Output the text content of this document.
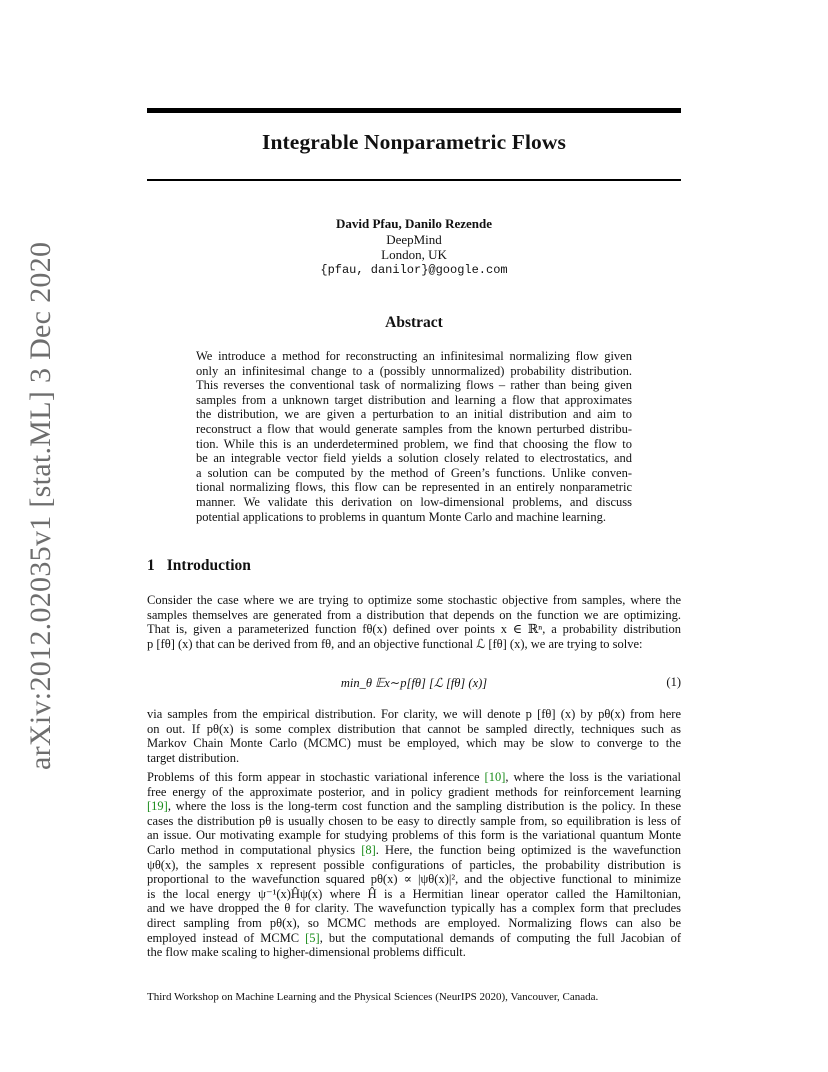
arXiv:2012.02035v1 [stat.ML] 3 Dec 2020
Integrable Nonparametric Flows
David Pfau, Danilo Rezende
DeepMind
London, UK
{pfau, danilor}@google.com
Abstract
We introduce a method for reconstructing an infinitesimal normalizing flow given
only an infinitesimal change to a (possibly unnormalized) probability distribution.
This reverses the conventional task of normalizing flows – rather than being given
samples from a unknown target distribution and learning a flow that approximates
the distribution, we are given a perturbation to an initial distribution and aim to
reconstruct a flow that would generate samples from the known perturbed distribu-
tion. While this is an underdetermined problem, we find that choosing the flow to
be an integrable vector field yields a solution closely related to electrostatics, and
a solution can be computed by the method of Green’s functions. Unlike conven-
tional normalizing flows, this flow can be represented in an entirely nonparametric
manner. We validate this derivation on low-dimensional problems, and discuss
potential applications to problems in quantum Monte Carlo and machine learning.
1 Introduction
Consider the case where we are trying to optimize some stochastic objective from samples, where the
samples themselves are generated from a distribution that depends on the function we are optimizing.
That is, given a parameterized function fθ(x) defined over points x ∈ ℝⁿ, a probability distribution
p [fθ] (x) that can be derived from fθ, and an objective functional ℒ [fθ] (x), we are trying to solve:
min_θ 𝔼x∼p[fθ] [ℒ [fθ] (x)]	(1)
via samples from the empirical distribution. For clarity, we will denote p [fθ] (x) by pθ(x) from here
on out. If pθ(x) is some complex distribution that cannot be sampled directly, techniques such as
Markov Chain Monte Carlo (MCMC) must be employed, which may be slow to converge to the
target distribution.
Problems of this form appear in stochastic variational inference [10], where the loss is the variational
free energy of the approximate posterior, and in policy gradient methods for reinforcement learning
[19], where the loss is the long-term cost function and the sampling distribution is the policy. In these
cases the distribution pθ is usually chosen to be easy to directly sample from, so equilibration is less of
an issue. Our motivating example for studying problems of this form is the variational quantum Monte
Carlo method in computational physics [8]. Here, the function being optimized is the wavefunction
ψθ(x), the samples x represent possible configurations of particles, the probability distribution is
proportional to the wavefunction squared pθ(x) ∝ |ψθ(x)|², and the objective functional to minimize
is the local energy ψ⁻¹(x)Ĥψ(x) where Ĥ is a Hermitian linear operator called the Hamiltonian,
and we have dropped the θ for clarity. The wavefunction typically has a complex form that precludes
direct sampling from pθ(x), so MCMC methods are employed. Normalizing flows can also be
employed instead of MCMC [5], but the computational demands of computing the full Jacobian of
the flow make scaling to higher-dimensional problems difficult.
Third Workshop on Machine Learning and the Physical Sciences (NeurIPS 2020), Vancouver, Canada.
